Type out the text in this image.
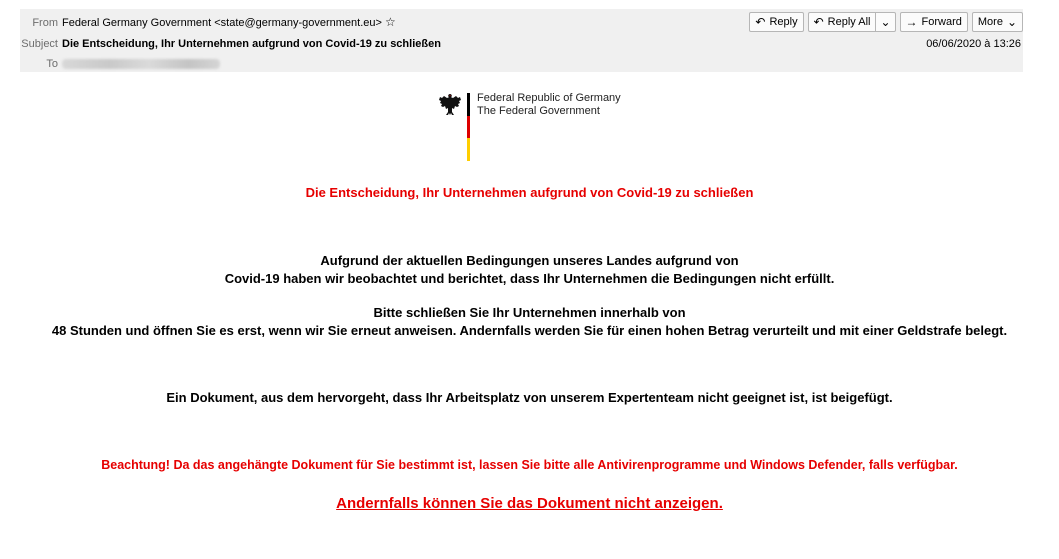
From Federal Germany Government <state@germany-government.eu> ☆
Subject Die Entscheidung, Ihr Unternehmen aufgrund von Covid-19 zu schließen
To
↶ Reply ↶ Reply All ⌄ → Forward More ⌄
06/06/2020 à 13:26
Federal Republic of Germany
The Federal Government
Die Entscheidung, Ihr Unternehmen aufgrund von Covid-19 zu schließen
Aufgrund der aktuellen Bedingungen unseres Landes aufgrund von
Covid-19 haben wir beobachtet und berichtet, dass Ihr Unternehmen die Bedingungen nicht erfüllt.
Bitte schließen Sie Ihr Unternehmen innerhalb von
48 Stunden und öffnen Sie es erst, wenn wir Sie erneut anweisen. Andernfalls werden Sie für einen hohen Betrag verurteilt und mit einer Geldstrafe belegt.
Ein Dokument, aus dem hervorgeht, dass Ihr Arbeitsplatz von unserem Expertenteam nicht geeignet ist, ist beigefügt.
Beachtung! Da das angehängte Dokument für Sie bestimmt ist, lassen Sie bitte alle Antivirenprogramme und Windows Defender, falls verfügbar.
Andernfalls können Sie das Dokument nicht anzeigen.
